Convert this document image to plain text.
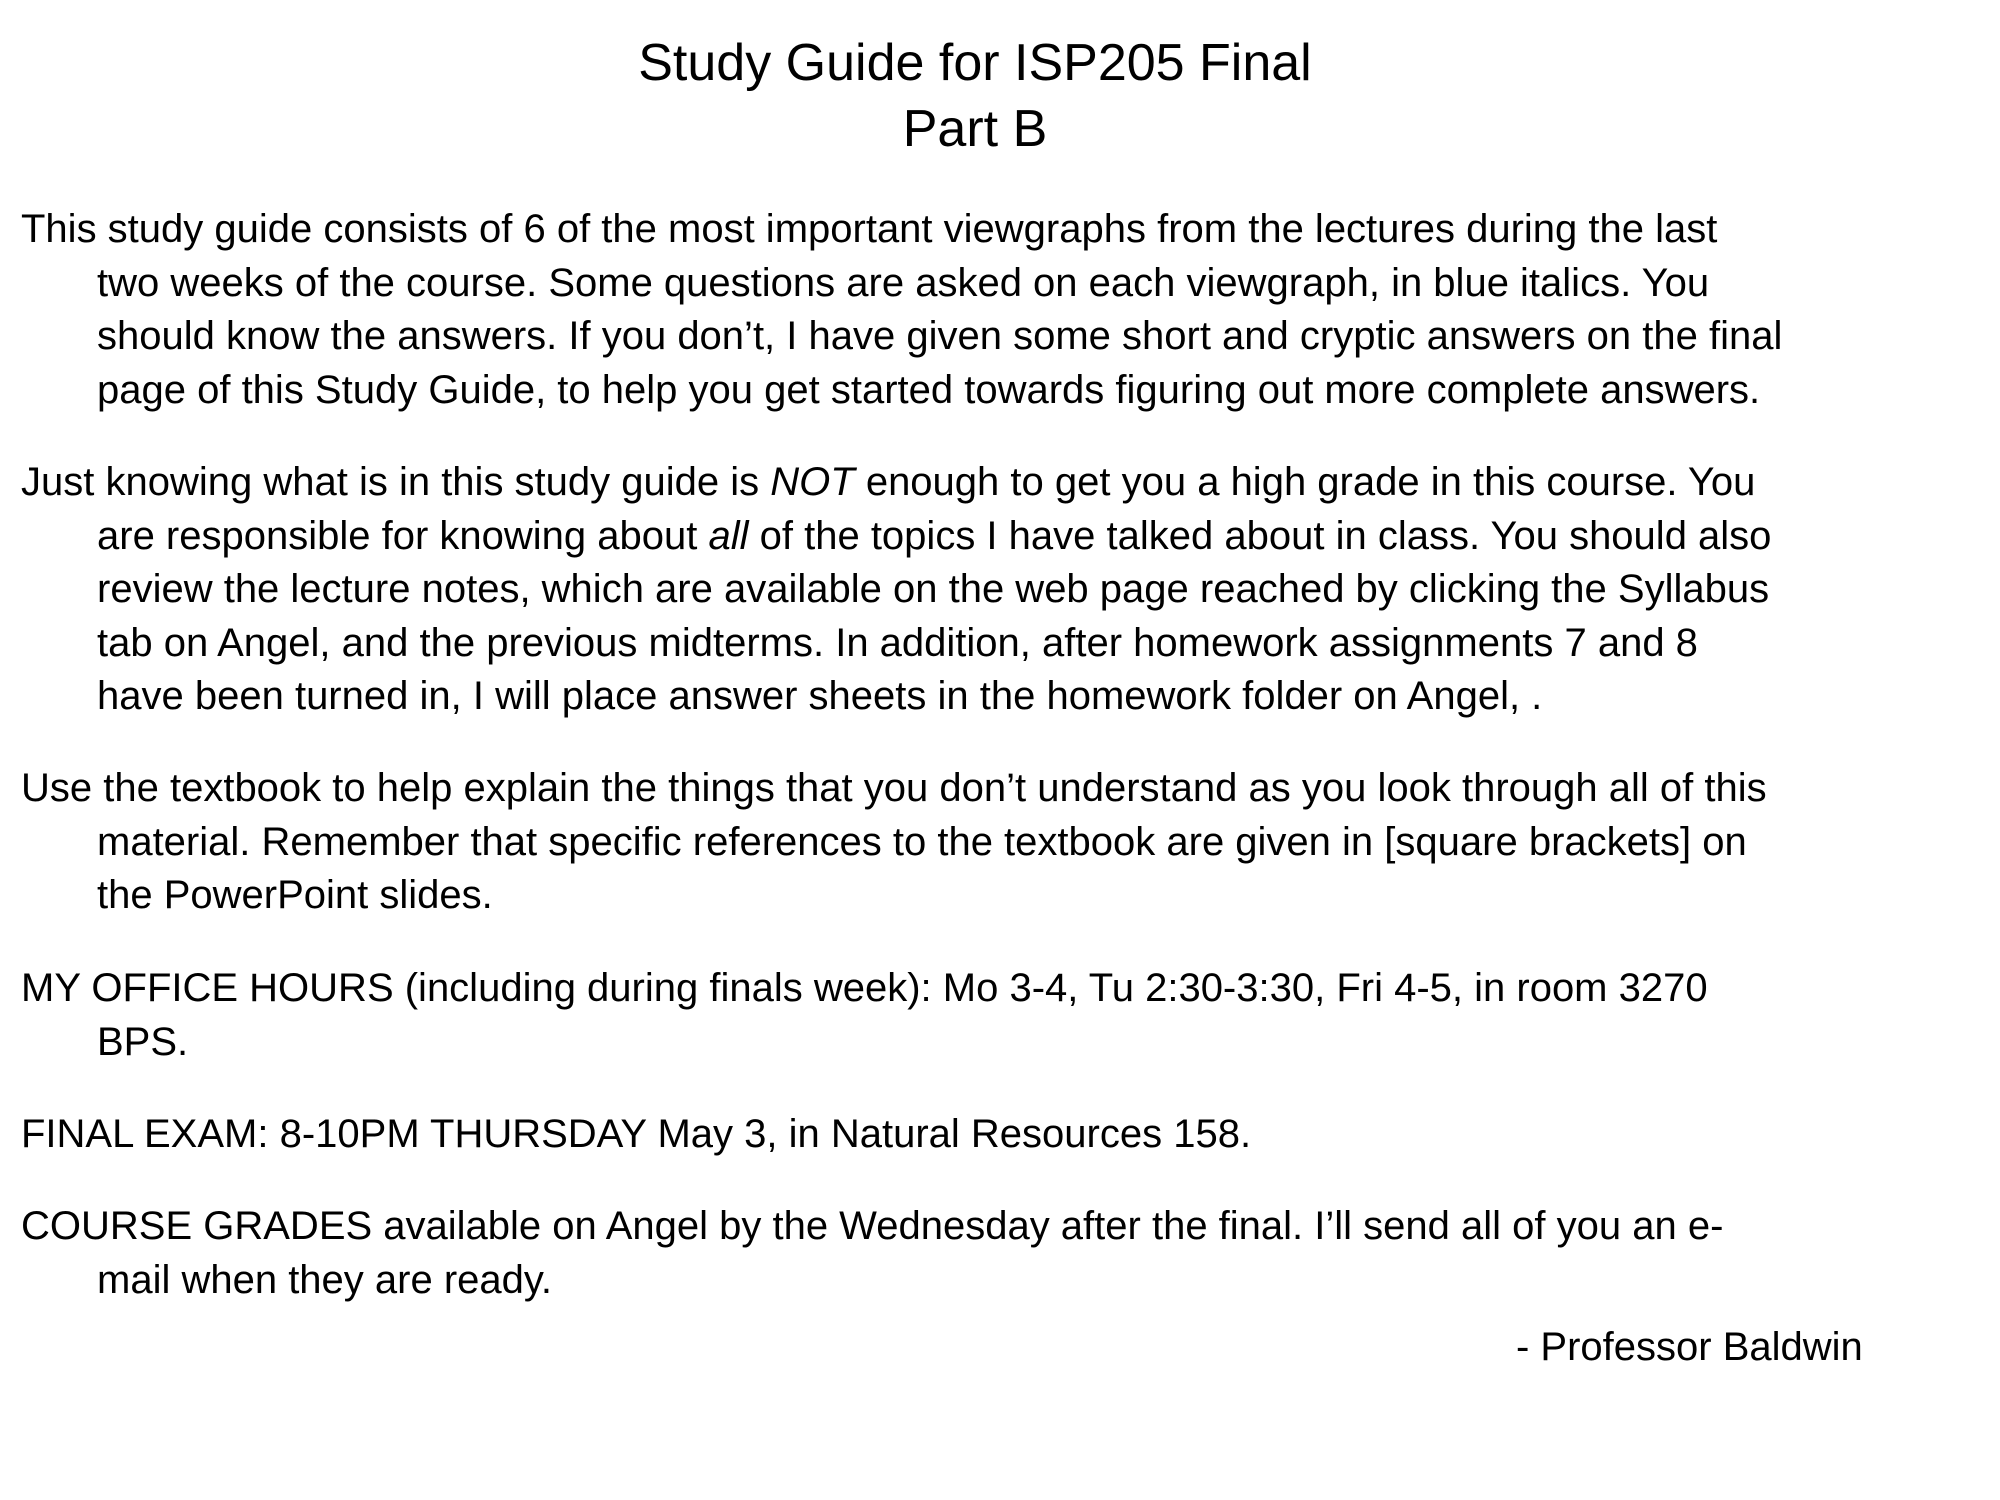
Study Guide for ISP205 Final
Part B

This study guide consists of 6 of the most important viewgraphs from the lectures during the last
two weeks of the course. Some questions are asked on each viewgraph, in blue italics. You
should know the answers. If you don’t, I have given some short and cryptic answers on the final
page of this Study Guide, to help you get started towards figuring out more complete answers.

Just knowing what is in this study guide is NOT enough to get you a high grade in this course. You
are responsible for knowing about all of the topics I have talked about in class. You should also
review the lecture notes, which are available on the web page reached by clicking the Syllabus
tab on Angel, and the previous midterms. In addition, after homework assignments 7 and 8
have been turned in, I will place answer sheets in the homework folder on Angel, .

Use the textbook to help explain the things that you don’t understand as you look through all of this
material. Remember that specific references to the textbook are given in [square brackets] on
the PowerPoint slides.

MY OFFICE HOURS (including during finals week): Mo 3-4, Tu 2:30-3:30, Fri 4-5, in room 3270
BPS.

FINAL EXAM: 8-10PM THURSDAY May 3, in Natural Resources 158.

COURSE GRADES available on Angel by the Wednesday after the final. I’ll send all of you an e-
mail when they are ready.

- Professor Baldwin
